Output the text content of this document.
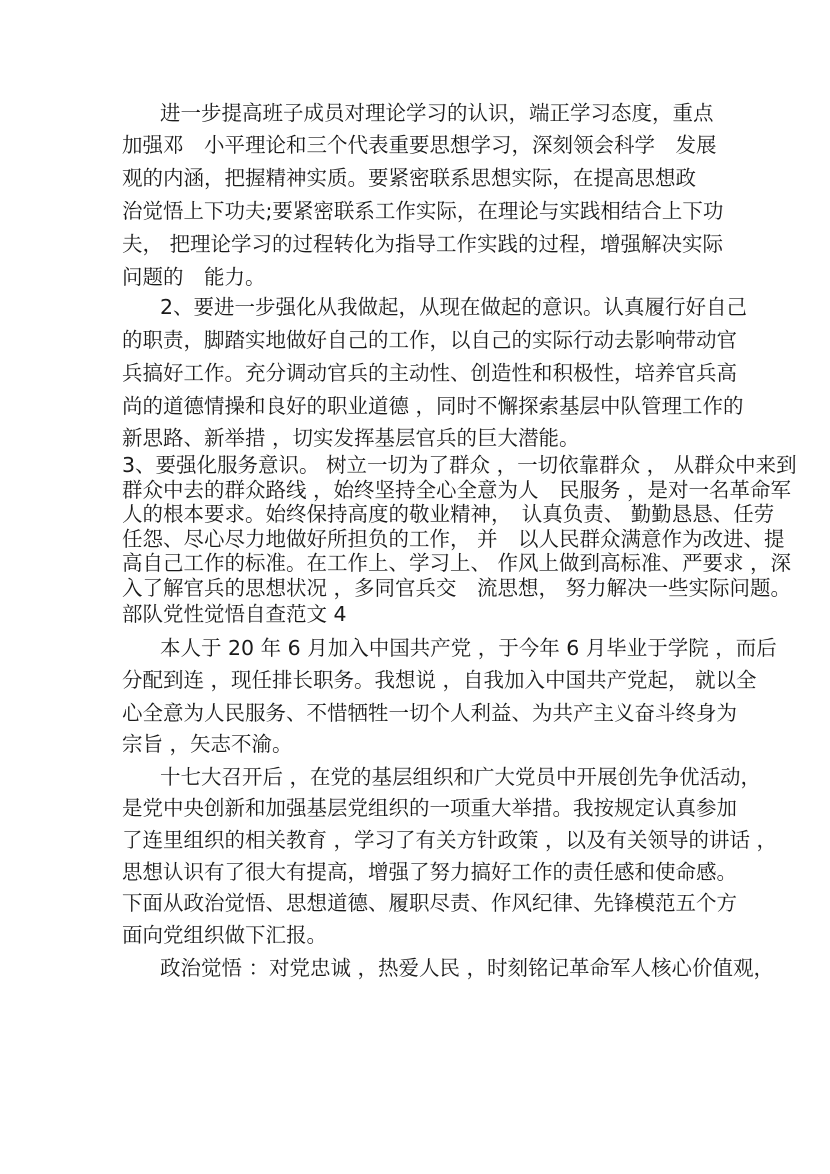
进一步提高班子成员对理论学习的认识，端正学习态度，重点
加强邓　小平理论和三个代表重要思想学习，深刻领会科学　发展
观的内涵，把握精神实质。要紧密联系思想实际，在提高思想政
治觉悟上下功夫;要紧密联系工作实际，在理论与实践相结合上下功
夫， 把理论学习的过程转化为指导工作实践的过程，增强解决实际
问题的　能力。
2、要进一步强化从我做起，从现在做起的意识。认真履行好自己
的职责，脚踏实地做好自己的工作，以自己的实际行动去影响带动官
兵搞好工作。充分调动官兵的主动性、创造性和积极性，培养官兵高
尚的道德情操和良好的职业道德 ，同时不懈探索基层中队管理工作的
新思路、新举措 ，切实发挥基层官兵的巨大潜能。
3、要强化服务意识。 树立一切为了群众 ，一切依靠群众 ， 从群众中来到
群众中去的群众路线 ，始终坚持全心全意为人　民服务 ，是对一名革命军
人的根本要求。始终保持高度的敬业精神，　认真负责、 勤勤恳恳、任劳
任怨、尽心尽力地做好所担负的工作， 并　以人民群众满意作为改进、提
高自己工作的标准。在工作上、学习上、 作风上做到高标准、严要求 ，深
入了解官兵的思想状况 ，多同官兵交　流思想， 努力解决一些实际问题。
部队党性觉悟自查范文 4
本人于 20 年 6 月加入中国共产党 ，于今年 6 月毕业于学院 ，而后
分配到连 ，现任排长职务。我想说 ，自我加入中国共产党起， 就以全
心全意为人民服务、不惜牺牲一切个人利益、为共产主义奋斗终身为
宗旨 ，矢志不渝。
十七大召开后 ，在党的基层组织和广大党员中开展创先争优活动，
是党中央创新和加强基层党组织的一项重大举措。我按规定认真参加
了连里组织的相关教育 ，学习了有关方针政策 ，以及有关领导的讲话 ，
思想认识有了很大有提高，增强了努力搞好工作的责任感和使命感。
下面从政治觉悟、思想道德、履职尽责、作风纪律、先锋模范五个方
面向党组织做下汇报。
政治觉悟 ：对党忠诚 ，热爱人民 ，时刻铭记革命军人核心价值观，
